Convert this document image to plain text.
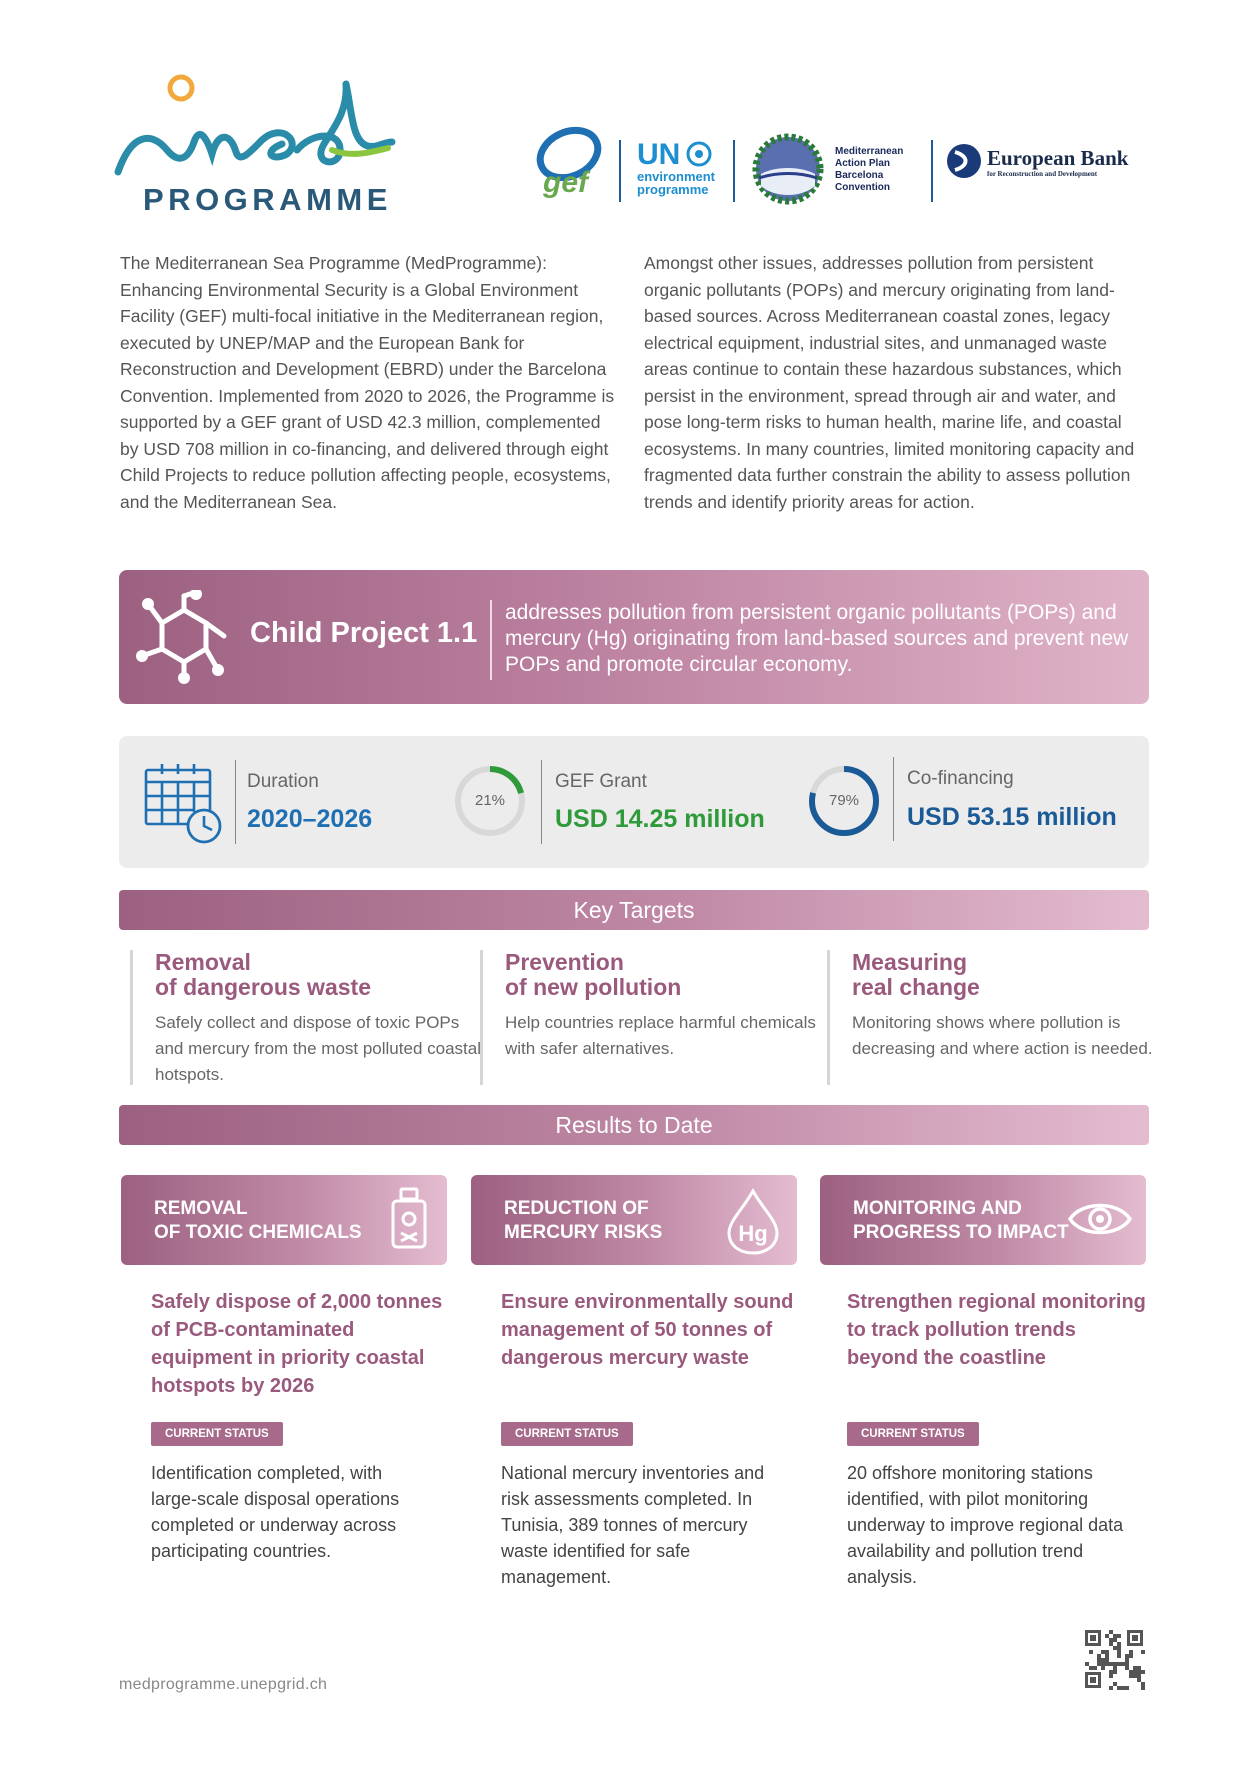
PROGRAMME	gef
UN
environment
programme
Mediterranean
Action Plan
Barcelona
Convention
European Bank
for Reconstruction and Development
The Mediterranean Sea Programme (MedProgramme): Enhancing Environmental Security is a Global Environment Facility (GEF) multi-focal initiative in the Mediterranean region, executed by UNEP/MAP and the European Bank for Reconstruction and Development (EBRD) under the Barcelona Convention. Implemented from 2020 to 2026, the Programme is supported by a GEF grant of USD 42.3 million, complemented by USD 708 million in co-financing, and delivered through eight Child Projects to reduce pollution affecting people, ecosystems, and the Mediterranean Sea.
Amongst other issues, addresses pollution from persistent organic pollutants (POPs) and mercury originating from land-based sources. Across Mediterranean coastal zones, legacy electrical equipment, industrial sites, and unmanaged waste areas continue to contain these hazardous substances, which persist in the environment, spread through air and water, and pose long-term risks to human health, marine life, and coastal ecosystems. In many countries, limited monitoring capacity and fragmented data further constrain the ability to assess pollution trends and identify priority areas for action.
Child Project 1.1
addresses pollution from persistent organic pollutants (POPs) and mercury (Hg) originating from land-based sources and prevent new POPs and promote circular economy.
Duration
2020–2026
21%
GEF Grant
USD 14.25 million
79%
Co-financing
USD 53.15 million
Key Targets
Removal
of dangerous waste
Safely collect and dispose of toxic POPs and mercury from the most polluted coastal hotspots.
Prevention
of new pollution
Help countries replace harmful chemicals with safer alternatives.
Measuring
real change
Monitoring shows where pollution is decreasing and where action is needed.
Results to Date
REMOVAL
OF TOXIC CHEMICALS
REDUCTION OF
MERCURY RISKS	Hg
MONITORING AND
PROGRESS TO IMPACT
Safely dispose of 2,000 tonnes of PCB-contaminated equipment in priority coastal hotspots by 2026
Ensure environmentally sound management of 50 tonnes of dangerous mercury waste
Strengthen regional monitoring to track pollution trends beyond the coastline
CURRENT STATUS	CURRENT STATUS	CURRENT STATUS
Identification completed, with large-scale disposal operations completed or underway across participating countries.
National mercury inventories and risk assessments completed. In Tunisia, 389 tonnes of mercury waste identified for safe management.
20 offshore monitoring stations identified, with pilot monitoring underway to improve regional data availability and pollution trend analysis.
medprogramme.unepgrid.ch
